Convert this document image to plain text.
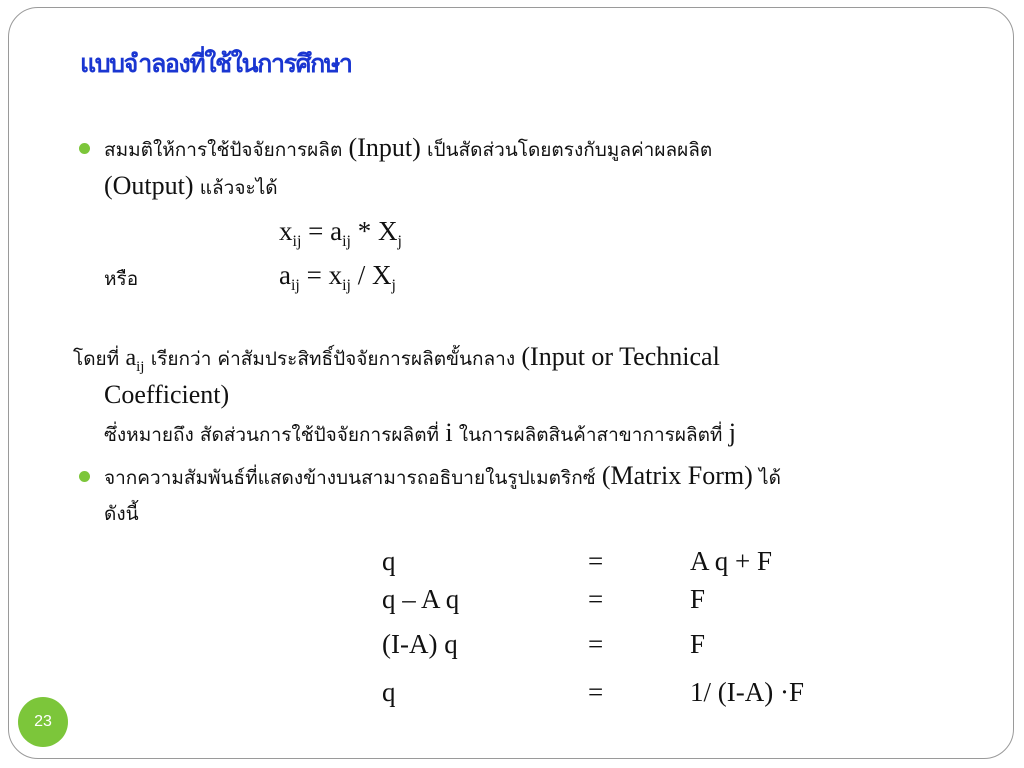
แบบจำลองที่ใช้ในการศึกษา
สมมติให้การใช้ปัจจัยการผลิต (Input) เป็นสัดส่วนโดยตรงกับมูลค่าผลผลิต
(Output) แล้วจะได้
$x_{ij} = a_{ij} * X_j$
หรือ	$a_{ij} = x_{ij} / X_j$
โดยที่ $a_{ij}$ เรียกว่า ค่าสัมประสิทธิ์ปัจจัยการผลิตขั้นกลาง (Input or Technical
Coefficient)
ซึ่งหมายถึง สัดส่วนการใช้ปัจจัยการผลิตที่ i ในการผลิตสินค้าสาขาการผลิตที่ j
จากความสัมพันธ์ที่แสดงข้างบนสามารถอธิบายในรูปเมตริกซ์ (Matrix Form) ได้
ดังนี้
q	=	A q + F
q – A q	=	F
(I-A) q	=	F
q	=	1/ (I-A) ·F
23
